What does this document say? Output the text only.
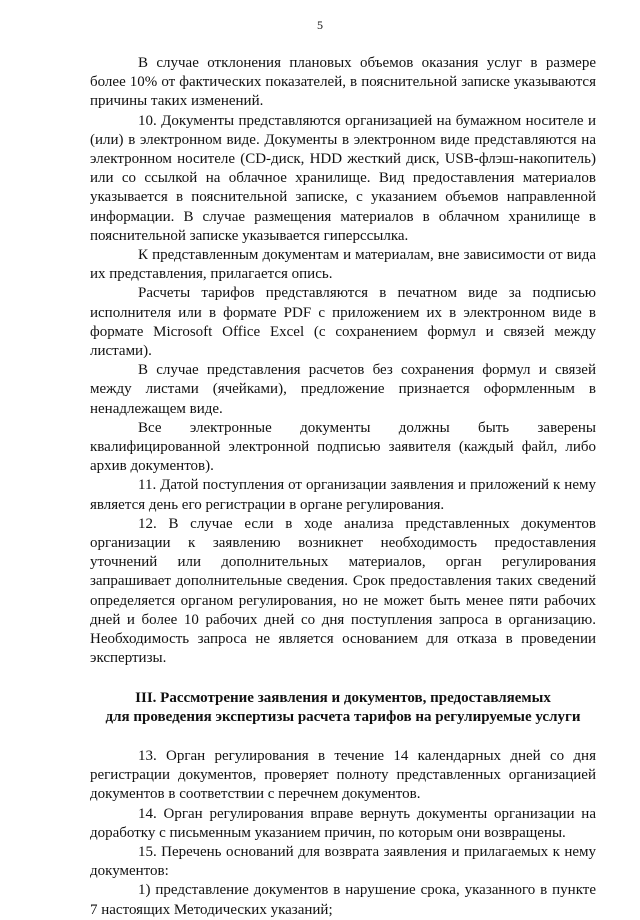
5

В случае отклонения плановых объемов оказания услуг в размере более 10% от фактических показателей, в пояснительной записке указываются причины таких изменений.

10. Документы представляются организацией на бумажном носителе и (или) в электронном виде. Документы в электронном виде представляются на электронном носителе (CD-диск, HDD жесткий диск, USB-флэш-накопитель) или со ссылкой на облачное хранилище. Вид предоставления материалов указывается в пояснительной записке, с указанием объемов направленной информации. В случае размещения материалов в облачном хранилище в пояснительной записке указывается гиперссылка.

К представленным документам и материалам, вне зависимости от вида их представления, прилагается опись.

Расчеты тарифов представляются в печатном виде за подписью исполнителя или в формате PDF с приложением их в электронном виде в формате Microsoft Office Excel (с сохранением формул и связей между листами).

В случае представления расчетов без сохранения формул и связей между листами (ячейками), предложение признается оформленным в ненадлежащем виде.

Все электронные документы должны быть заверены квалифицированной электронной подписью заявителя (каждый файл, либо архив документов).

11. Датой поступления от организации заявления и приложений к нему является день его регистрации в органе регулирования.

12. В случае если в ходе анализа представленных документов организации к заявлению возникнет необходимость предоставления уточнений или дополнительных материалов, орган регулирования запрашивает дополнительные сведения. Срок предоставления таких сведений определяется органом регулирования, но не может быть менее пяти рабочих дней и более 10 рабочих дней со дня поступления запроса в организацию. Необходимость запроса не является основанием для отказа в проведении экспертизы.

III. Рассмотрение заявления и документов, предоставляемых
для проведения экспертизы расчета тарифов на регулируемые услуги

13. Орган регулирования в течение 14 календарных дней со дня регистрации документов, проверяет полноту представленных организацией документов в соответствии с перечнем документов.

14. Орган регулирования вправе вернуть документы организации на доработку с письменным указанием причин, по которым они возвращены.

15. Перечень оснований для возврата заявления и прилагаемых к нему документов:

1) представление документов в нарушение срока, указанного в пункте 7 настоящих Методических указаний;
